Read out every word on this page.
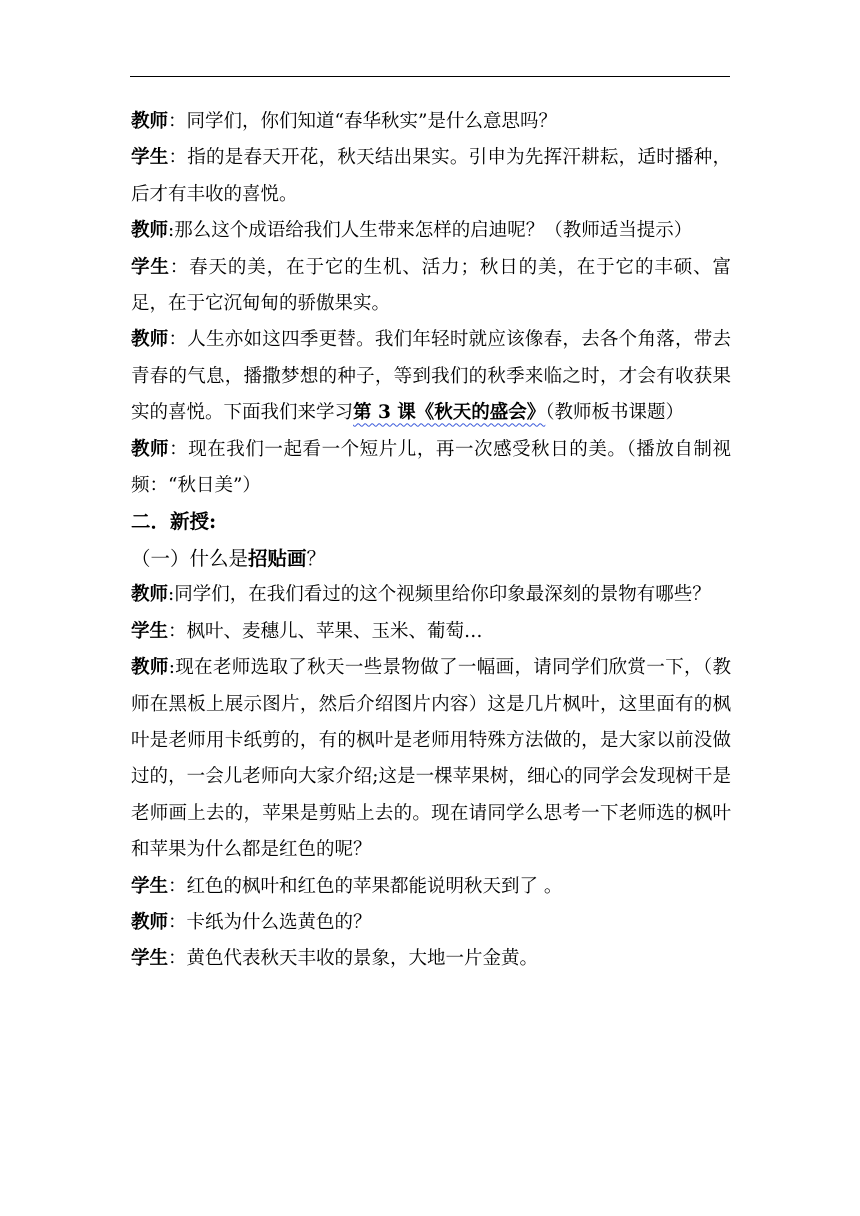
教师：同学们，你们知道“春华秋实”是什么意思吗？

学生：指的是春天开花，秋天结出果实。引申为先挥汗耕耘，适时播种，后才有丰收的喜悦。

教师:那么这个成语给我们人生带来怎样的启迪呢？（教师适当提示）

学生：春天的美，在于它的生机、活力；秋日的美，在于它的丰硕、富足，在于它沉甸甸的骄傲果实。

教师：人生亦如这四季更替。我们年轻时就应该像春，去各个角落，带去青春的气息，播撒梦想的种子，等到我们的秋季来临之时，才会有收获果实的喜悦。下面我们来学习第 3 课《秋天的盛会》（教师板书课题）

教师：现在我们一起看一个短片儿，再一次感受秋日的美。（播放自制视频：“秋日美”）

二．新授:

（一）什么是招贴画？

教师:同学们，在我们看过的这个视频里给你印象最深刻的景物有哪些？

学生：枫叶、麦穗儿、苹果、玉米、葡萄…

教师:现在老师选取了秋天一些景物做了一幅画，请同学们欣赏一下，（教师在黑板上展示图片，然后介绍图片内容）这是几片枫叶，这里面有的枫叶是老师用卡纸剪的，有的枫叶是老师用特殊方法做的，是大家以前没做过的，一会儿老师向大家介绍;这是一棵苹果树，细心的同学会发现树干是老师画上去的，苹果是剪贴上去的。现在请同学么思考一下老师选的枫叶和苹果为什么都是红色的呢？

学生：红色的枫叶和红色的苹果都能说明秋天到了 。

教师：卡纸为什么选黄色的？

学生：黄色代表秋天丰收的景象，大地一片金黄。
